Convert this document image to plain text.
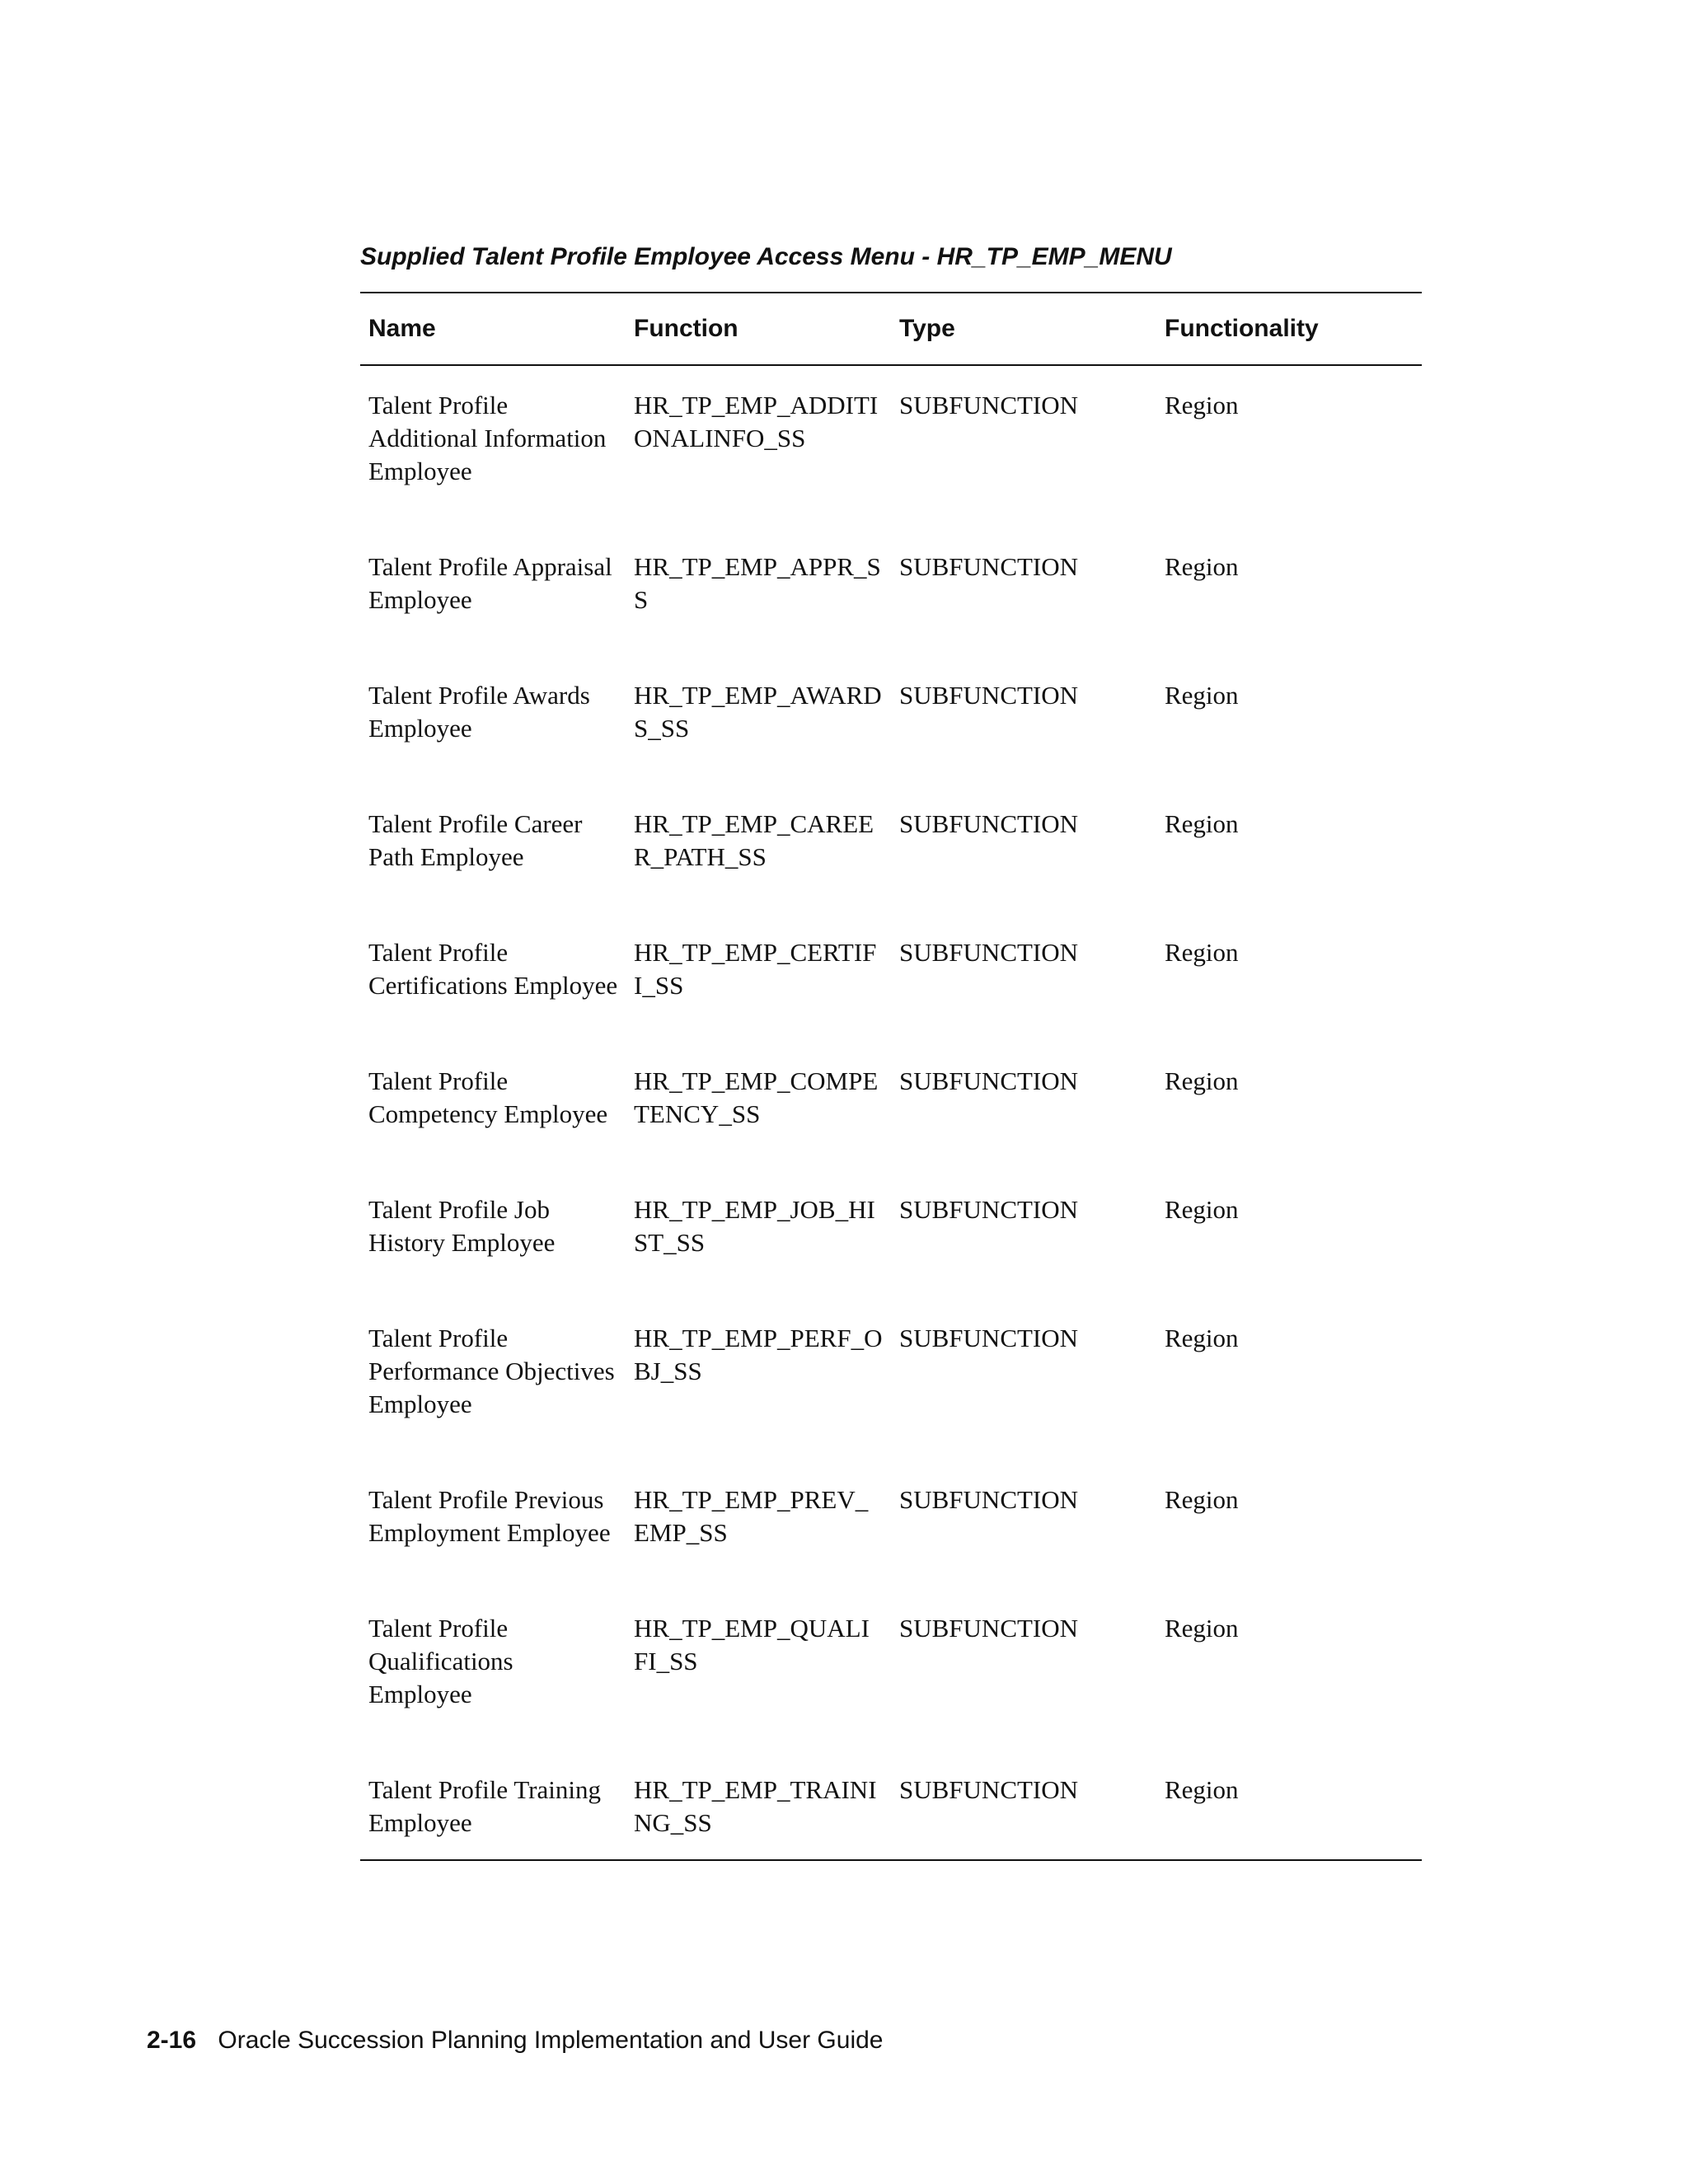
Supplied Talent Profile Employee Access Menu - HR_TP_EMP_MENU
Name	Function	Type	Functionality
Talent Profile Additional Information Employee	HR_TP_EMP_ADDITIONALINFO_SS	SUBFUNCTION	Region
Talent Profile Appraisal Employee	HR_TP_EMP_APPR_SS	SUBFUNCTION	Region
Talent Profile Awards Employee	HR_TP_EMP_AWARDS_SS	SUBFUNCTION	Region
Talent Profile Career Path Employee	HR_TP_EMP_CAREER_PATH_SS	SUBFUNCTION	Region
Talent Profile Certifications Employee	HR_TP_EMP_CERTIFI_SS	SUBFUNCTION	Region
Talent Profile Competency Employee	HR_TP_EMP_COMPETENCY_SS	SUBFUNCTION	Region
Talent Profile Job History Employee	HR_TP_EMP_JOB_HIST_SS	SUBFUNCTION	Region
Talent Profile Performance Objectives Employee	HR_TP_EMP_PERF_OBJ_SS	SUBFUNCTION	Region
Talent Profile Previous Employment Employee	HR_TP_EMP_PREV_EMP_SS	SUBFUNCTION	Region
Talent Profile Qualifications Employee	HR_TP_EMP_QUALIFI_SS	SUBFUNCTION	Region
Talent Profile Training Employee	HR_TP_EMP_TRAINING_SS	SUBFUNCTION	Region
2-16 Oracle Succession Planning Implementation and User Guide
